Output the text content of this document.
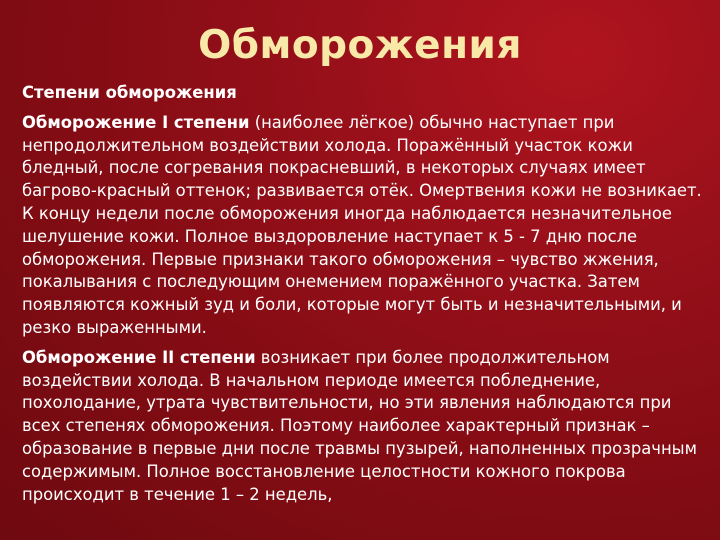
Обморожения
Степени обморожения
Обморожение I степени (наиболее лёгкое) обычно наступает при непродолжительном воздействии холода. Поражённый участок кожи бледный, после согревания покрасневший, в некоторых случаях имеет багрово-красный оттенок; развивается отёк. Омертвения кожи не возникает. К концу недели после обморожения иногда наблюдается незначительное шелушение кожи. Полное выздоровление наступает к 5 - 7 дню после обморожения. Первые признаки такого обморожения – чувство жжения, покалывания с последующим онемением поражённого участка. Затем появляются кожный зуд и боли, которые могут быть и незначительными, и резко выраженными.
Обморожение II степени возникает при более продолжительном воздействии холода. В начальном периоде имеется побледнение, похолодание, утрата чувствительности, но эти явления наблюдаются при всех степенях обморожения. Поэтому наиболее характерный признак – образование в первые дни после травмы пузырей, наполненных прозрачным содержимым. Полное восстановление целостности кожного покрова происходит в течение 1 – 2 недель,
